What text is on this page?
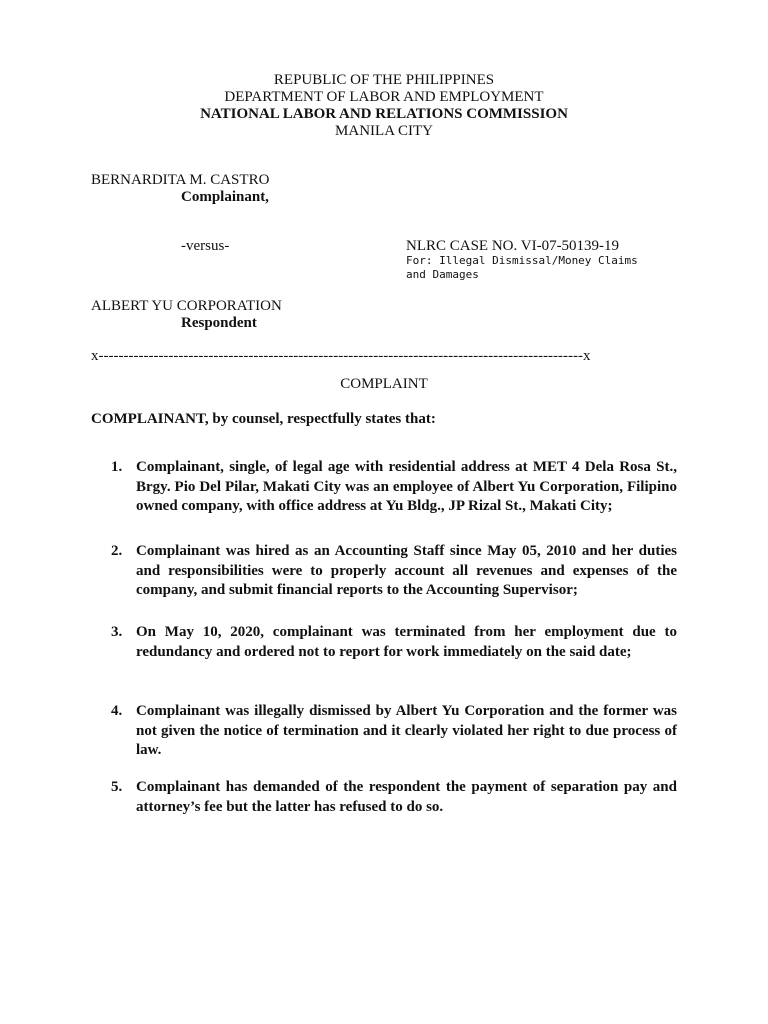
REPUBLIC OF THE PHILIPPINES
DEPARTMENT OF LABOR AND EMPLOYMENT
NATIONAL LABOR AND RELATIONS COMMISSION
MANILA CITY
BERNARDITA M. CASTRO
Complainant,
-versus-	NLRC CASE NO. VI-07-50139-19
For: Illegal Dismissal/Money Claims
and Damages
ALBERT YU CORPORATION
Respondent
x-------------------------------------------------------------------------------------------------x
COMPLAINT
COMPLAINANT, by counsel, respectfully states that:
1. Complainant, single, of legal age with residential address at MET 4 Dela Rosa St., Brgy. Pio Del Pilar, Makati City was an employee of Albert Yu Corporation, Filipino owned company, with office address at Yu Bldg., JP Rizal St., Makati City;
2. Complainant was hired as an Accounting Staff since May 05, 2010 and her duties and responsibilities were to properly account all revenues and expenses of the company, and submit financial reports to the Accounting Supervisor;
3. On May 10, 2020, complainant was terminated from her employment due to redundancy and ordered not to report for work immediately on the said date;
4. Complainant was illegally dismissed by Albert Yu Corporation and the former was not given the notice of termination and it clearly violated her right to due process of law.
5. Complainant has demanded of the respondent the payment of separation pay and attorney’s fee but the latter has refused to do so.
